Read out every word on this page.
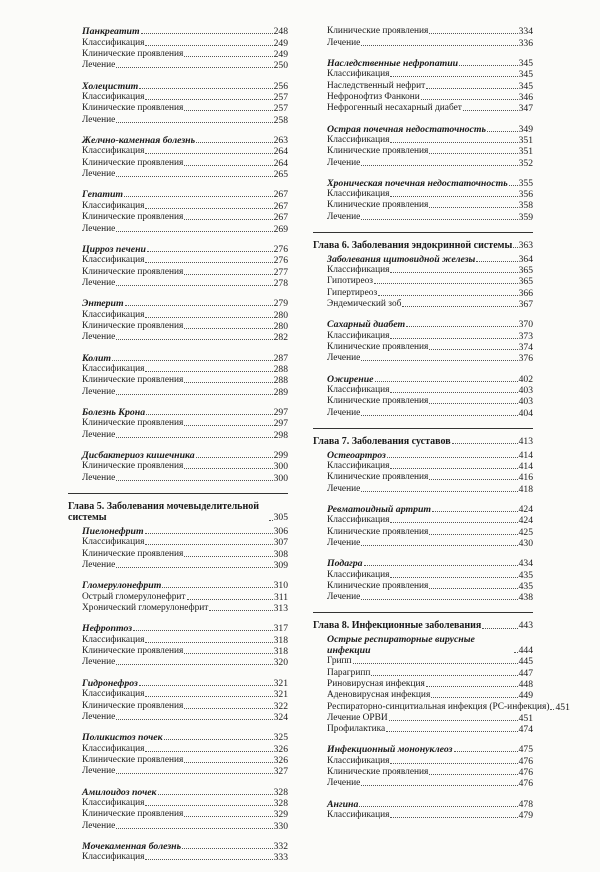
Панкреатит	248
Классификация	249
Клинические проявления	249
Лечение	250
Холецистит	256
Классификация	257
Клинические проявления	257
Лечение	258
Желчно-каменная болезнь	263
Классификация	264
Клинические проявления	264
Лечение	265
Гепатит	267
Классификация	267
Клинические проявления	267
Лечение	269
Цирроз печени	276
Классификация	276
Клинические проявления	277
Лечение	278
Энтерит	279
Классификация	280
Клинические проявления	280
Лечение	282
Колит	287
Классификация	288
Клинические проявления	288
Лечение	289
Болезнь Крона	297
Клинические проявления	297
Лечение	298
Дисбактериоз кишечника	299
Клинические проявления	300
Лечение	300
Глава 5. Заболевания мочевыделительной системы	305
Пиелонефрит	306
Классификация	307
Клинические проявления	308
Лечение	309
Гломерулонефрит	310
Острый гломерулонефрит	311
Хронический гломерулонефрит	313
Нефроптоз	317
Классификация	318
Клинические проявления	318
Лечение	320
Гидронефроз	321
Классификация	321
Клинические проявления	322
Лечение	324
Поликистоз почек	325
Классификация	326
Клинические проявления	326
Лечение	327
Амилоидоз почек	328
Классификация	328
Клинические проявления	329
Лечение	330
Мочекаменная болезнь	332
Классификация	333
Клинические проявления	334
Лечение	336
Наследственные нефропатии	345
Классификация	345
Наследственный нефрит	345
Нефронофтиз Фанкони	346
Нефрогенный несахарный диабет	347
Острая почечная недостаточность	349
Классификация	351
Клинические проявления	351
Лечение	352
Хроническая почечная недостаточность 355
Классификация	356
Клинические проявления	358
Лечение	359
Глава 6. Заболевания эндокринной системы 363
Заболевания щитовидной железы	364
Классификация	365
Гипотиреоз	365
Гипертиреоз	366
Эндемический зоб	367
Сахарный диабет	370
Классификация	373
Клинические проявления	374
Лечение	376
Ожирение	402
Классификация	403
Клинические проявления	403
Лечение	404
Глава 7. Заболевания суставов	413
Остеоартроз	414
Классификация	414
Клинические проявления	416
Лечение	418
Ревматоидный артрит	424
Классификация	424
Клинические проявления	425
Лечение	430
Подагра	434
Классификация	435
Клинические проявления	435
Лечение	438
Глава 8. Инфекционные заболевания	443
Острые респираторные вирусные инфекции	444
Грипп	445
Парагрипп	447
Риновирусная инфекция	448
Аденовирусная инфекция	449
Респираторно-синцитиальная инфекция (РС-инфекция) 451
Лечение ОРВИ	451
Профилактика	474
Инфекционный мононуклеоз	475
Классификация	476
Клинические проявления	476
Лечение	476
Ангина	478
Классификация	479
